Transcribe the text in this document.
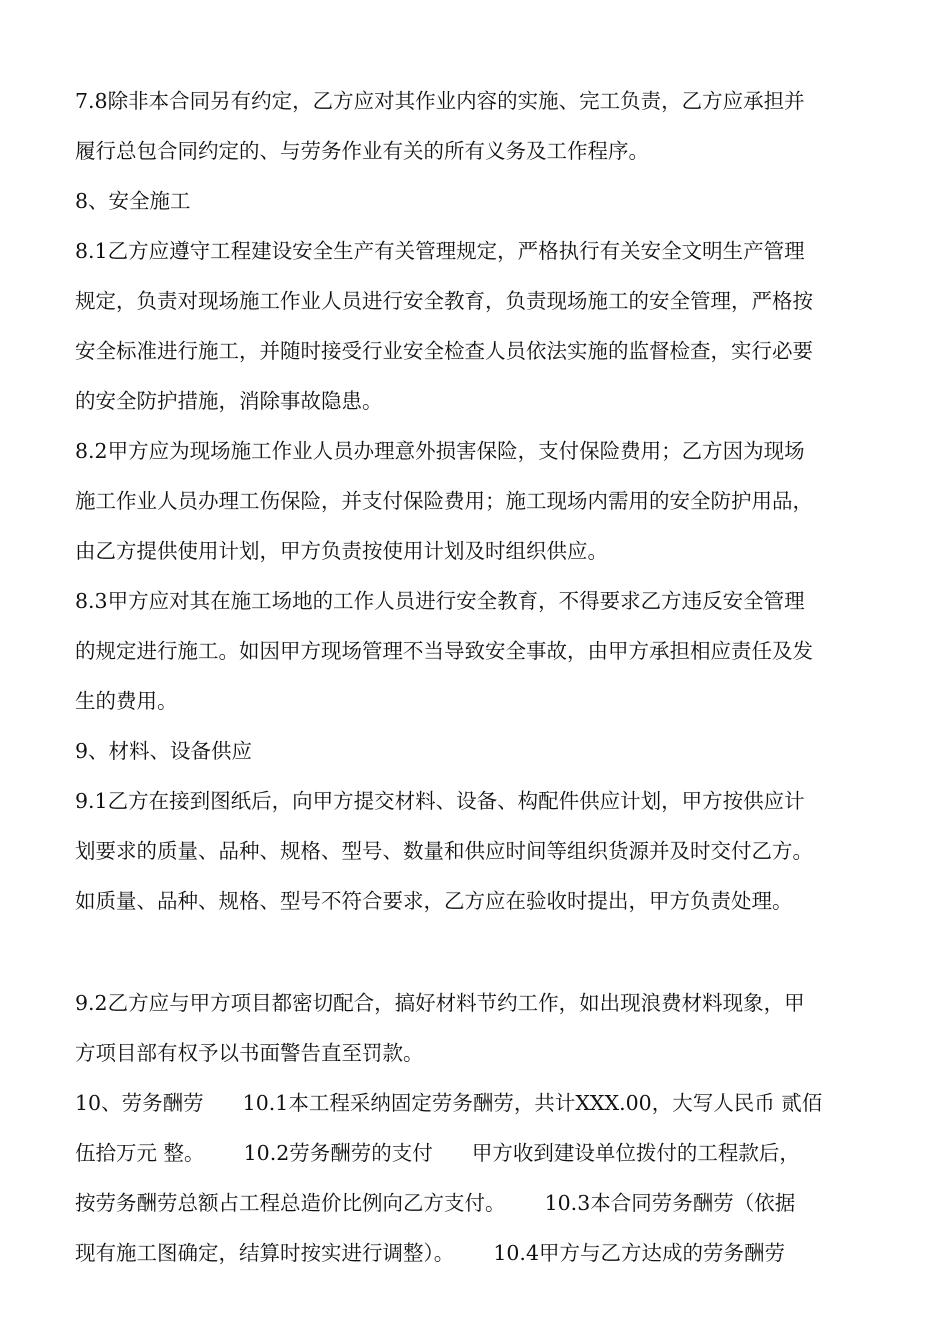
7.8除非本合同另有约定，乙方应对其作业内容的实施、完工负责，乙方应承担并
履行总包合同约定的、与劳务作业有关的所有义务及工作程序。
8、安全施工
8.1乙方应遵守工程建设安全生产有关管理规定，严格执行有关安全文明生产管理
规定，负责对现场施工作业人员进行安全教育，负责现场施工的安全管理，严格按
安全标准进行施工，并随时接受行业安全检查人员依法实施的监督检查，实行必要
的安全防护措施，消除事故隐患。
8.2甲方应为现场施工作业人员办理意外损害保险，支付保险费用；乙方因为现场
施工作业人员办理工伤保险，并支付保险费用；施工现场内需用的安全防护用品，
由乙方提供使用计划，甲方负责按使用计划及时组织供应。
8.3甲方应对其在施工场地的工作人员进行安全教育，不得要求乙方违反安全管理
的规定进行施工。如因甲方现场管理不当导致安全事故，由甲方承担相应责任及发
生的费用。
9、材料、设备供应
9.1乙方在接到图纸后，向甲方提交材料、设备、构配件供应计划，甲方按供应计
划要求的质量、品种、规格、型号、数量和供应时间等组织货源并及时交付乙方。
如质量、品种、规格、型号不符合要求，乙方应在验收时提出，甲方负责处理。
9.2乙方应与甲方项目都密切配合，搞好材料节约工作，如出现浪费材料现象，甲
方项目部有权予以书面警告直至罚款。
10、劳务酬劳      10.1本工程采纳固定劳务酬劳，共计XXX.00，大写人民币 贰佰
伍拾万元 整。      10.2劳务酬劳的支付      甲方收到建设单位拨付的工程款后，
按劳务酬劳总额占工程总造价比例向乙方支付。      10.3本合同劳务酬劳（依据
现有施工图确定，结算时按实进行调整）。      10.4甲方与乙方达成的劳务酬劳
